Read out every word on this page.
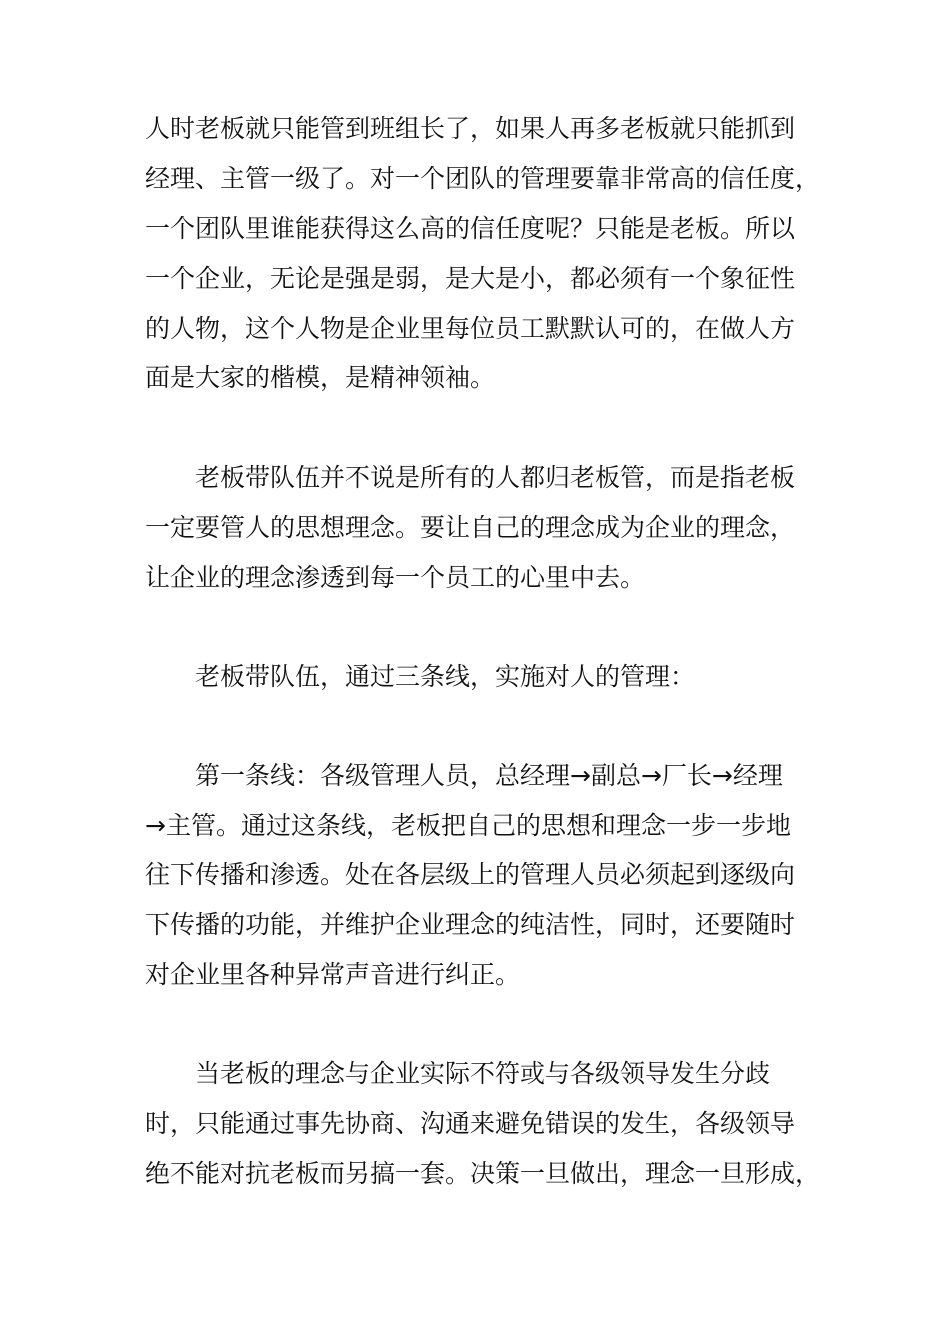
人时老板就只能管到班组长了，如果人再多老板就只能抓到
经理、主管一级了。对一个团队的管理要靠非常高的信任度，
一个团队里谁能获得这么高的信任度呢？只能是老板。所以
一个企业，无论是强是弱，是大是小，都必须有一个象征性
的人物，这个人物是企业里每位员工默默认可的，在做人方
面是大家的楷模，是精神领袖。
老板带队伍并不说是所有的人都归老板管，而是指老板
一定要管人的思想理念。要让自己的理念成为企业的理念，
让企业的理念渗透到每一个员工的心里中去。
老板带队伍，通过三条线，实施对人的管理：
第一条线：各级管理人员，总经理→副总→厂长→经理
→主管。通过这条线，老板把自己的思想和理念一步一步地
往下传播和渗透。处在各层级上的管理人员必须起到逐级向
下传播的功能，并维护企业理念的纯洁性，同时，还要随时
对企业里各种异常声音进行纠正。
当老板的理念与企业实际不符或与各级领导发生分歧
时，只能通过事先协商、沟通来避免错误的发生，各级领导
绝不能对抗老板而另搞一套。决策一旦做出，理念一旦形成，
